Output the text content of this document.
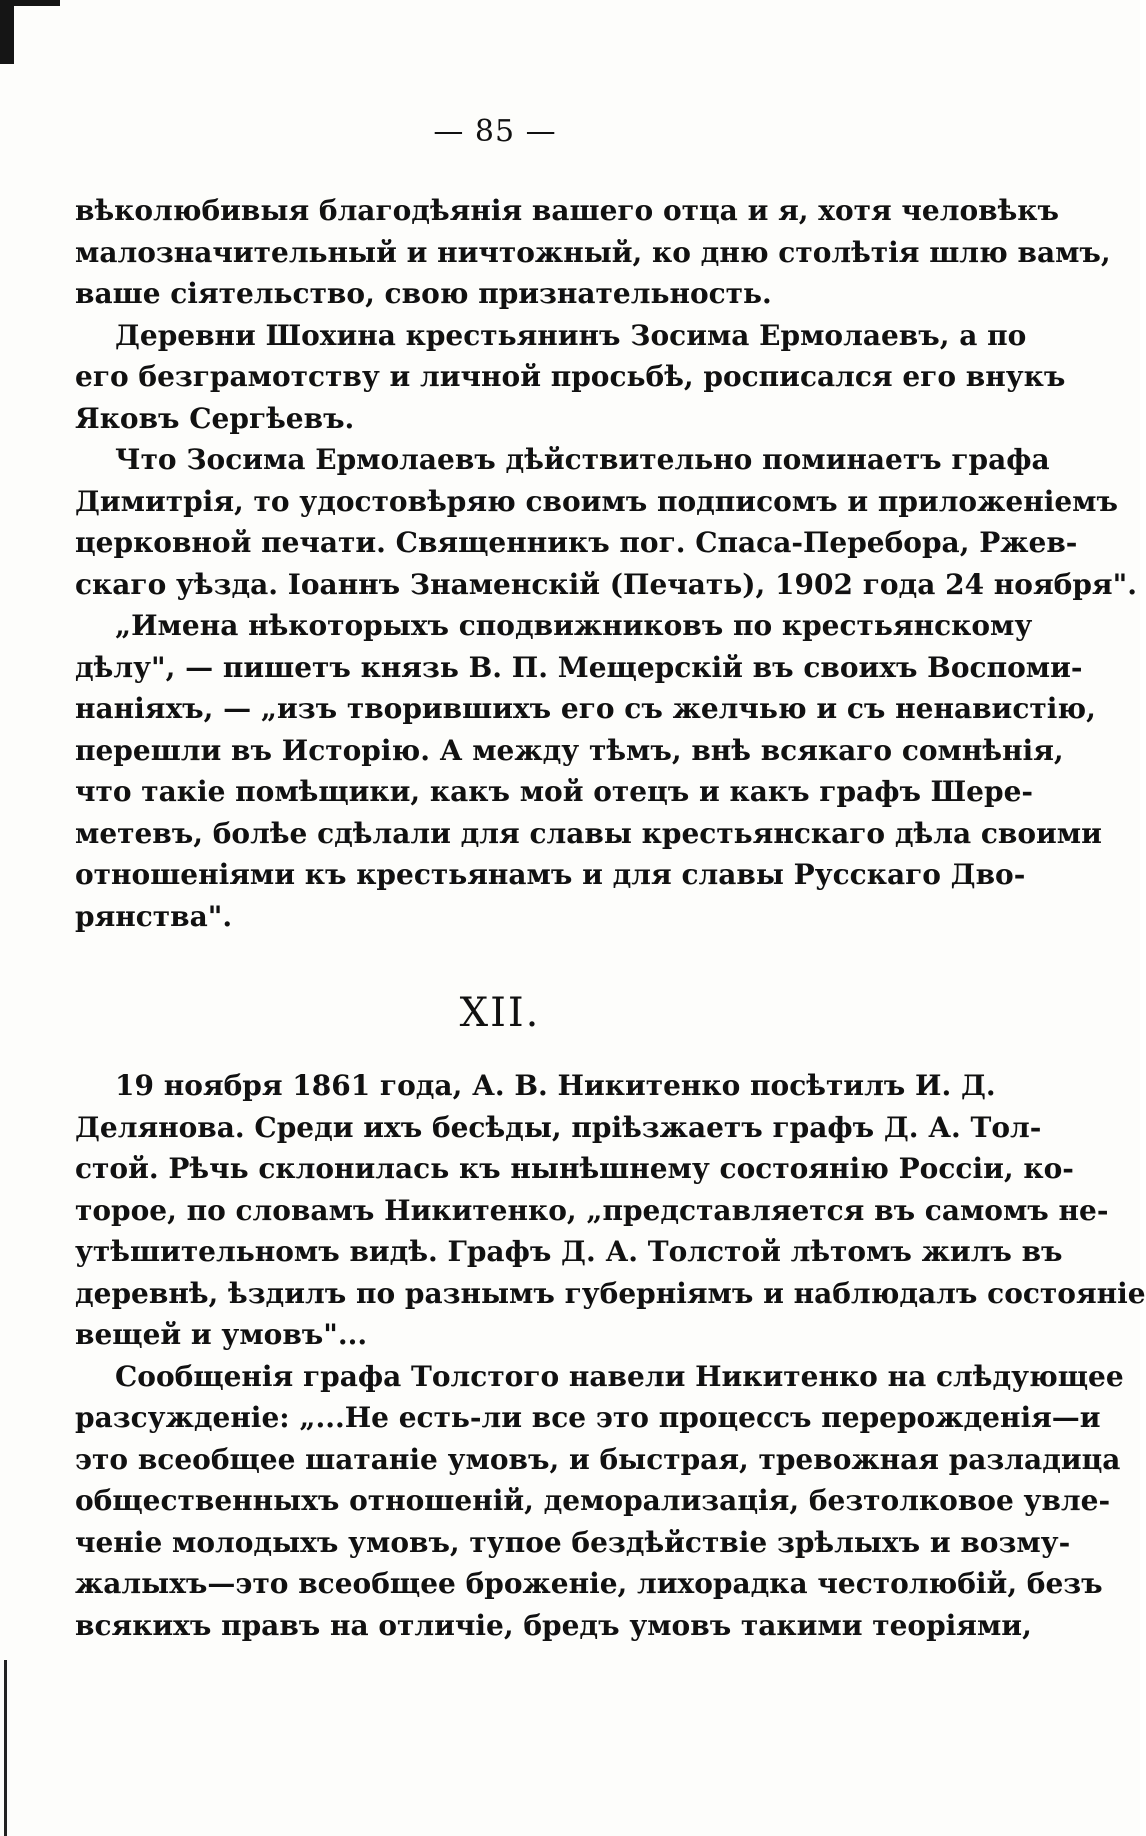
— 85 —
вѣколюбивыя благодѣянія вашего отца и я, хотя человѣкъ
малозначительный и ничтожный, ко дню столѣтія шлю вамъ,
ваше сіятельство, свою признательность.
Деревни Шохина крестьянинъ Зосима Ермолаевъ, а по
его безграмотству и личной просьбѣ, росписался его внукъ
Яковъ Сергѣевъ.
Что Зосима Ермолаевъ дѣйствительно поминаетъ графа
Димитрія, то удостовѣряю своимъ подписомъ и приложеніемъ
церковной печати. Священникъ пог. Спаса-Перебора, Ржев-
скаго уѣзда. Іоаннъ Знаменскій (Печать), 1902 года 24 ноября".
„Имена нѣкоторыхъ сподвижниковъ по крестьянскому
дѣлу", — пишетъ князь В. П. Мещерскій въ своихъ Воспоми-
наніяхъ, — „изъ творившихъ его съ желчью и съ ненавистію,
перешли въ Исторію. А между тѣмъ, внѣ всякаго сомнѣнія,
что такіе помѣщики, какъ мой отецъ и какъ графъ Шере-
метевъ, болѣе сдѣлали для славы крестьянскаго дѣла своими
отношеніями къ крестьянамъ и для славы Русскаго Дво-
рянства".
XII.
19 ноября 1861 года, А. В. Никитенко посѣтилъ И. Д.
Делянова. Среди ихъ бесѣды, пріѣзжаетъ графъ Д. А. Тол-
стой. Рѣчь склонилась къ нынѣшнему состоянію Россіи, ко-
торое, по словамъ Никитенко, „представляется въ самомъ не-
утѣшительномъ видѣ. Графъ Д. А. Толстой лѣтомъ жилъ въ
деревнѣ, ѣздилъ по разнымъ губерніямъ и наблюдалъ состояніе
вещей и умовъ"...
Сообщенія графа Толстого навели Никитенко на слѣдующее
разсужденіе: „...Не есть-ли все это процессъ перерожденія—и
это всеобщее шатаніе умовъ, и быстрая, тревожная разладица
общественныхъ отношеній, деморализація, безтолковое увле-
ченіе молодыхъ умовъ, тупое бездѣйствіе зрѣлыхъ и возму-
жалыхъ—это всеобщее броженіе, лихорадка честолюбій, безъ
всякихъ правъ на отличіе, бредъ умовъ такими теоріями,
